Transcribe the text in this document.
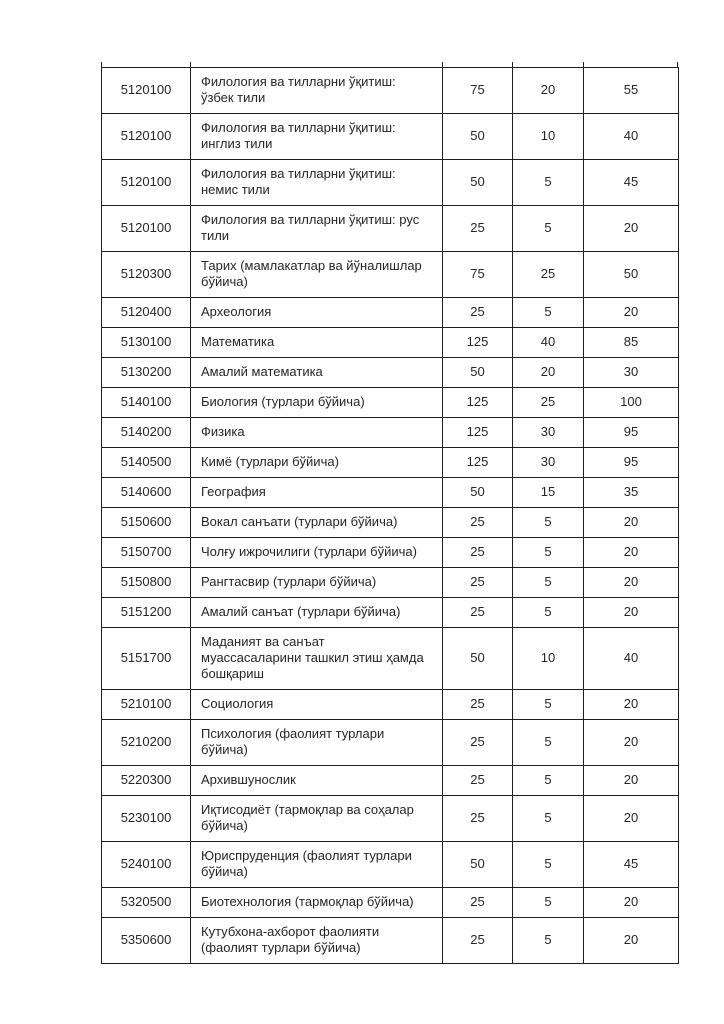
5120100	Филология ва тилларни ўқитиш: ўзбек тили	75	20	55
5120100	Филология ва тилларни ўқитиш: инглиз тили	50	10	40
5120100	Филология ва тилларни ўқитиш: немис тили	50	5	45
5120100	Филология ва тилларни ўқитиш: рус тили	25	5	20
5120300	Тарих (мамлакатлар ва йўналишлар бўйича)	75	25	50
5120400	Археология	25	5	20
5130100	Математика	125	40	85
5130200	Амалий математика	50	20	30
5140100	Биология (турлари бўйича)	125	25	100
5140200	Физика	125	30	95
5140500	Кимё (турлари бўйича)	125	30	95
5140600	География	50	15	35
5150600	Вокал санъати (турлари бўйича)	25	5	20
5150700	Чолғу ижрочилиги (турлари бўйича)	25	5	20
5150800	Рангтасвир (турлари бўйича)	25	5	20
5151200	Амалий санъат (турлари бўйича)	25	5	20
5151700	Маданият ва санъат муассасаларини ташкил этиш ҳамда бошқариш	50	10	40
5210100	Социология	25	5	20
5210200	Психология (фаолият турлари бўйича)	25	5	20
5220300	Архившунослик	25	5	20
5230100	Иқтисодиёт (тармоқлар ва соҳалар бўйича)	25	5	20
5240100	Юриспруденция (фаолият турлари бўйича)	50	5	45
5320500	Биотехнология (тармоқлар бўйича)	25	5	20
5350600	Кутубхона-ахборот фаолияти (фаолият турлари бўйича)	25	5	20
